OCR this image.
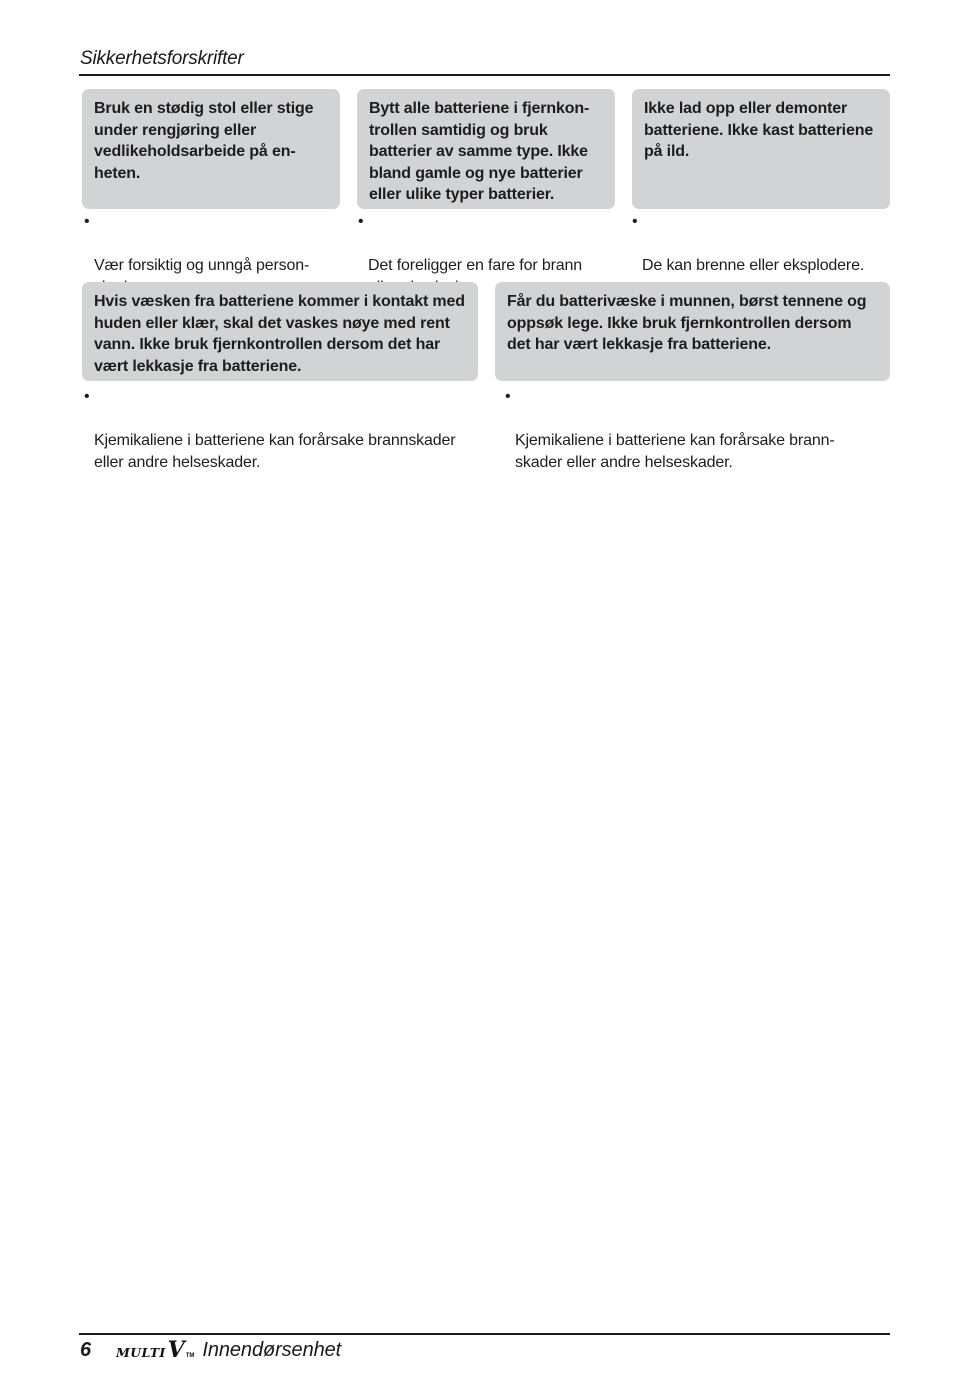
Sikkerhetsforskrifter
Bruk en stødig stol eller stige
under rengjøring eller
vedlikeholdsarbeide på en-
heten.

•

Vær forsiktig og unngå person-

Bytt alle batteriene i fjernkon-
trollen samtidig og bruk
batterier av samme type. Ikke
bland gamle og nye batterier
eller ulike typer batterier.

•

Det foreligger en fare for brann

Ikke lad opp eller demonter
batteriene. Ikke kast batteriene
på ild.

•

De kan brenne eller eksplodere.

Hvis væsken fra batteriene kommer i kontakt med
huden eller klær, skal det vaskes nøye med rent
vann. Ikke bruk fjernkontrollen dersom det har
vært lekkasje fra batteriene.

•

Kjemikaliene i batteriene kan forårsake brannskader
eller andre helseskader.

Får du batterivæske i munnen, børst tennene og
oppsøk lege. Ikke bruk fjernkontrollen dersom
det har vært lekkasje fra batteriene.

•

Kjemikaliene i batteriene kan forårsake brann-
skader eller andre helseskader.

6	MULTI V TM Innendørsenhet
